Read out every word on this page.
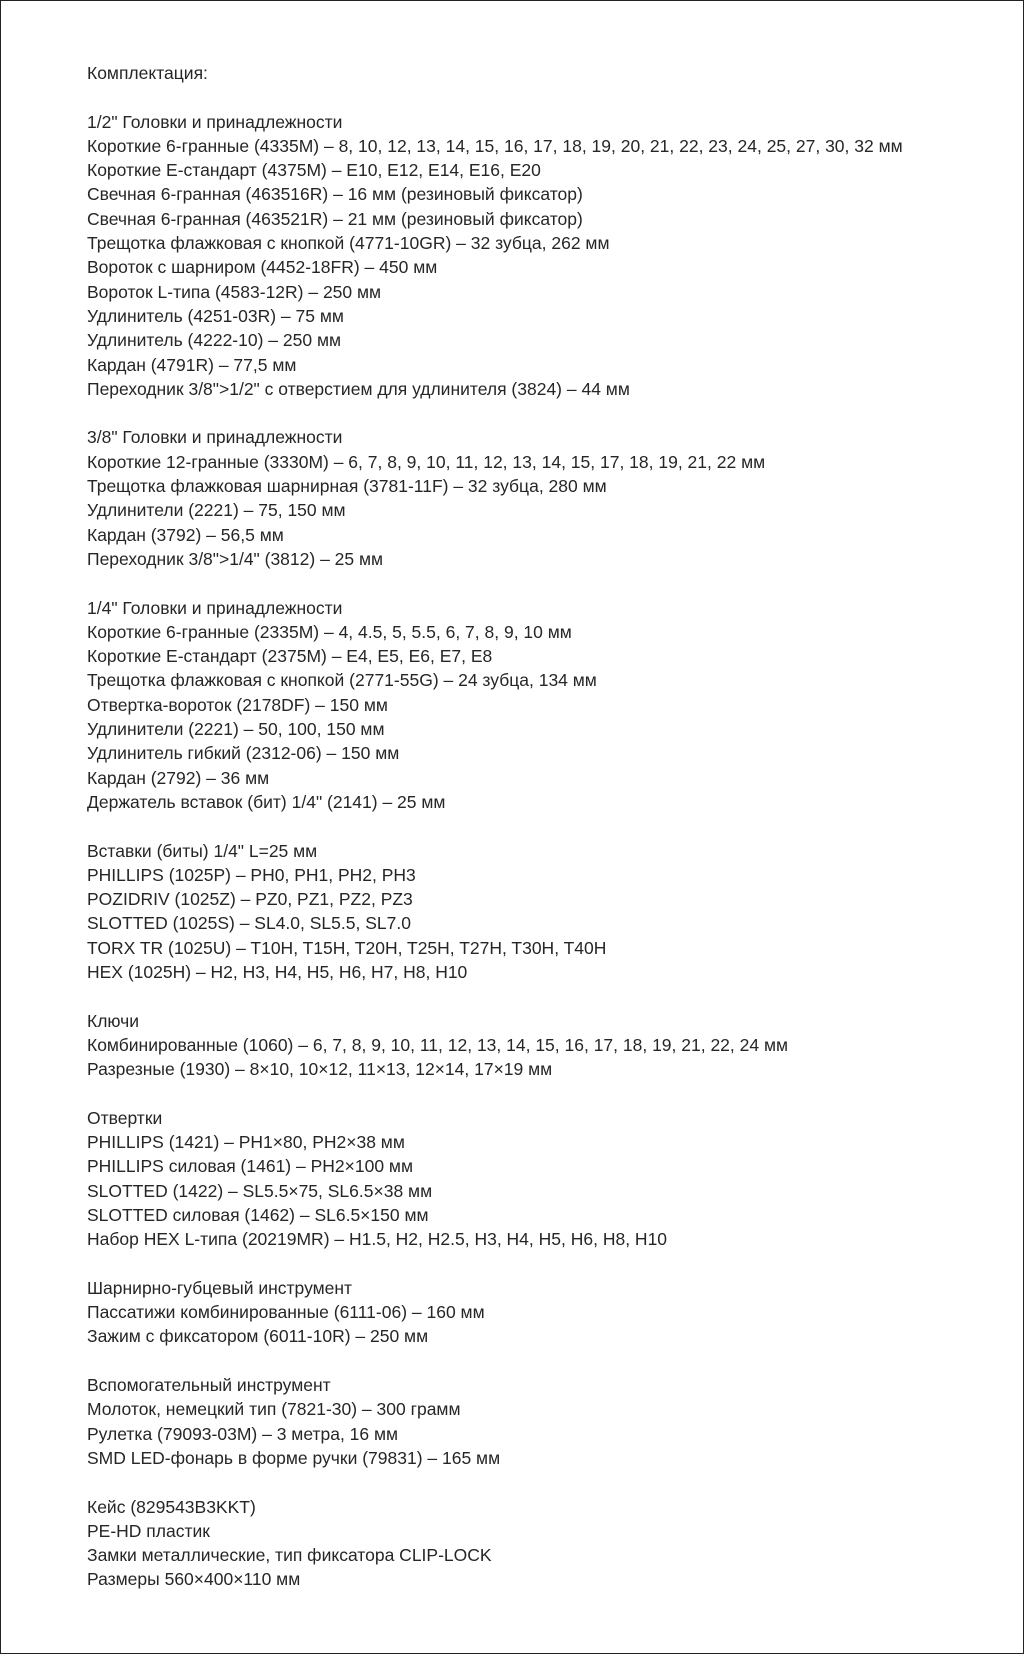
Комплектация:
1/2" Головки и принадлежности
Короткие 6-гранные (4335M) – 8, 10, 12, 13, 14, 15, 16, 17, 18, 19, 20, 21, 22, 23, 24, 25, 27, 30, 32 мм
Короткие E-стандарт (4375M) – E10, E12, E14, E16, E20
Свечная 6-гранная (463516R) – 16 мм (резиновый фиксатор)
Свечная 6-гранная (463521R) – 21 мм (резиновый фиксатор)
Трещотка флажковая с кнопкой (4771-10GR) – 32 зубца, 262 мм
Вороток с шарниром (4452-18FR) – 450 мм
Вороток L-типа (4583-12R) – 250 мм
Удлинитель (4251-03R) – 75 мм
Удлинитель (4222-10) – 250 мм
Кардан (4791R) – 77,5 мм
Переходник 3/8">1/2" с отверстием для удлинителя (3824) – 44 мм
3/8" Головки и принадлежности
Короткие 12-гранные (3330M) – 6, 7, 8, 9, 10, 11, 12, 13, 14, 15, 17, 18, 19, 21, 22 мм
Трещотка флажковая шарнирная (3781-11F) – 32 зубца, 280 мм
Удлинители (2221) – 75, 150 мм
Кардан (3792) – 56,5 мм
Переходник 3/8">1/4" (3812) – 25 мм
1/4" Головки и принадлежности
Короткие 6-гранные (2335M) – 4, 4.5, 5, 5.5, 6, 7, 8, 9, 10 мм
Короткие E-стандарт (2375M) – E4, E5, E6, E7, E8
Трещотка флажковая с кнопкой (2771-55G) – 24 зубца, 134 мм
Отвертка-вороток (2178DF) – 150 мм
Удлинители (2221) – 50, 100, 150 мм
Удлинитель гибкий (2312-06) – 150 мм
Кардан (2792) – 36 мм
Держатель вставок (бит) 1/4" (2141) – 25 мм
Вставки (биты) 1/4" L=25 мм
PHILLIPS (1025P) – PH0, PH1, PH2, PH3
POZIDRIV (1025Z) – PZ0, PZ1, PZ2, PZ3
SLOTTED (1025S) – SL4.0, SL5.5, SL7.0
TORX TR (1025U) – T10H, T15H, T20H, T25H, T27H, T30H, T40H
HEX (1025H) – H2, H3, H4, H5, H6, H7, H8, H10
Ключи
Комбинированные (1060) – 6, 7, 8, 9, 10, 11, 12, 13, 14, 15, 16, 17, 18, 19, 21, 22, 24 мм
Разрезные (1930) – 8×10, 10×12, 11×13, 12×14, 17×19 мм
Отвертки
PHILLIPS (1421) – PH1×80, PH2×38 мм
PHILLIPS силовая (1461) – PH2×100 мм
SLOTTED (1422) – SL5.5×75, SL6.5×38 мм
SLOTTED силовая (1462) – SL6.5×150 мм
Набор HEX L-типа (20219MR) – H1.5, H2, H2.5, H3, H4, H5, H6, H8, H10
Шарнирно-губцевый инструмент
Пассатижи комбинированные (6111-06) – 160 мм
Зажим с фиксатором (6011-10R) – 250 мм
Вспомогательный инструмент
Молоток, немецкий тип (7821-30) – 300 грамм
Рулетка (79093-03M) – 3 метра, 16 мм
SMD LED-фонарь в форме ручки (79831) – 165 мм
Кейс (829543B3KKT)
PE-HD пластик
Замки металлические, тип фиксатора CLIP-LOCK
Размеры 560×400×110 мм
